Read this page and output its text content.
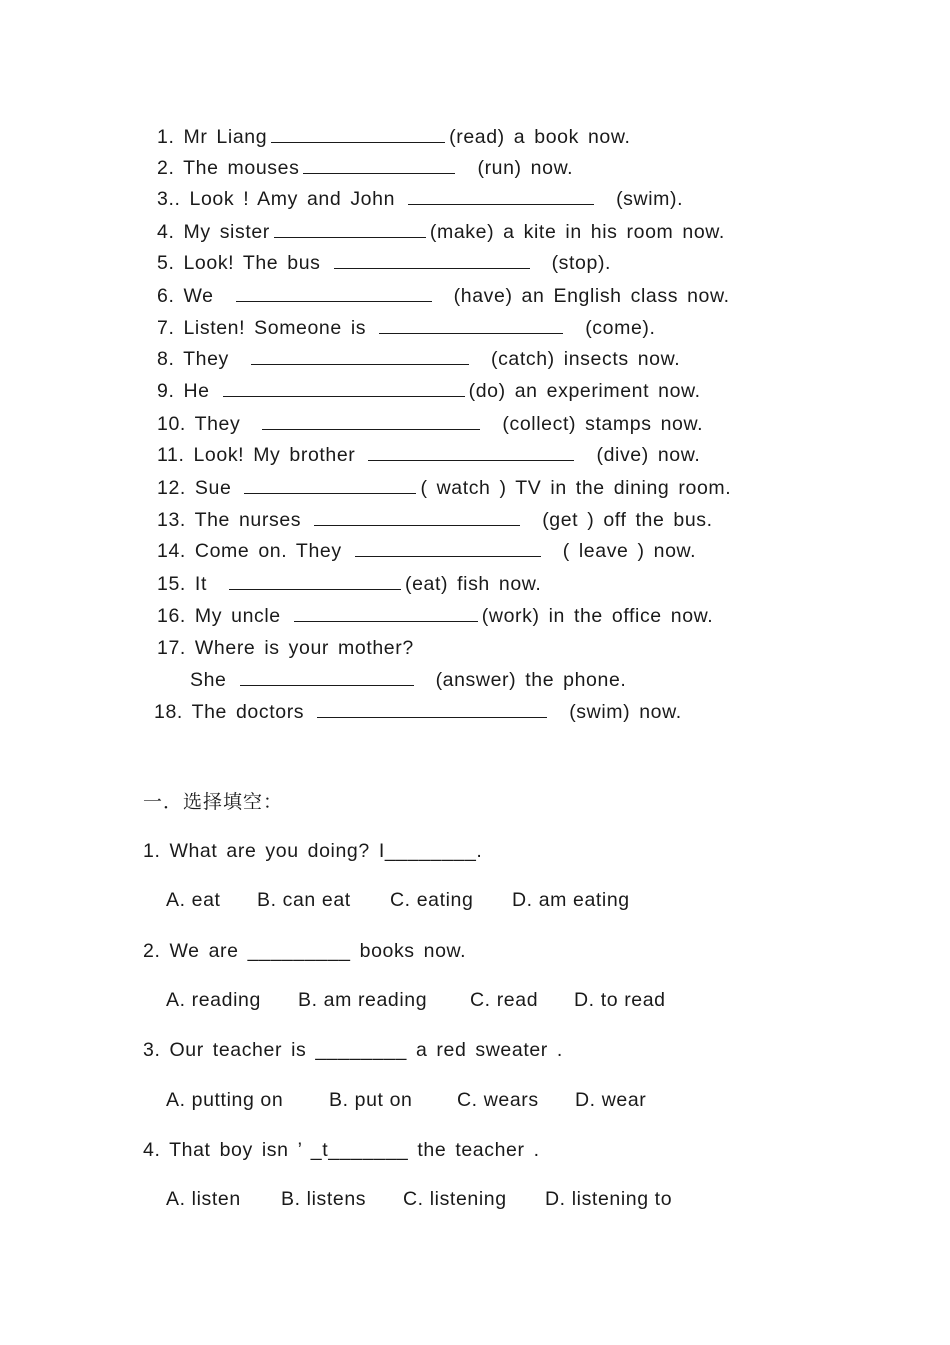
1. Mr Liang	(read) a book now.
2. The mouses	(run) now.
3.. Look ! Amy and John	(swim).
4. My sister	(make) a kite in his room now.
5. Look! The bus	(stop).
6. We	(have) an English class now.
7. Listen! Someone is	(come).
8. They	(catch) insects now.
9. He	(do) an experiment now.
10. They	(collect) stamps now.
11. Look! My brother	(dive) now.
12. Sue	( watch ) TV in the dining room.
13. The nurses	(get ) off the bus.
14. Come on. They	( leave ) now.
15. It	(eat) fish now.
16. My uncle	(work) in the office now.
17. Where is your mother?
She	(answer) the phone.
18. The doctors	(swim) now.
一．选择填空：
1. What are you doing? I________.
A. eat B. can eat C. eating D. am eating
2. We are _________ books now.
A. reading B. am reading C. read D. to read
3. Our teacher is ________ a red sweater .
A. putting on B. put on C. wears D. wear
4. That boy isn ’ _t_______ the teacher .
A. listen B. listens C. listening D. listening to
